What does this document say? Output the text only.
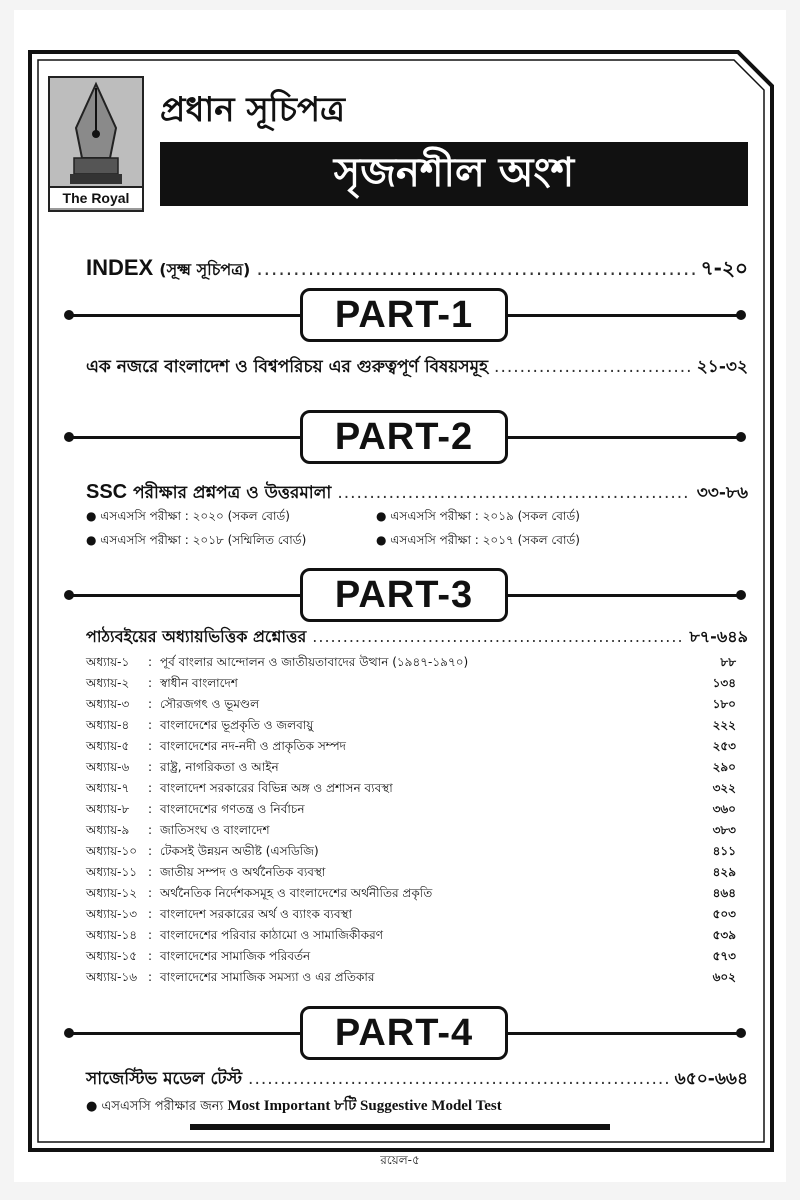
The Royal
প্রধান সূচিপত্র
সৃজনশীল অংশ
INDEX (সূক্ষ্ম সূচিপত্র) .....	৭-২০
PART-1
এক নজরে বাংলাদেশ ও বিশ্বপরিচয় এর গুরুত্বপূর্ণ বিষয়সমূহ .....	২১-৩২
PART-2
SSC পরীক্ষার প্রশ্নপত্র ও উত্তরমালা .....	৩৩-৮৬
● এসএসসি পরীক্ষা : ২০২০ (সকল বোর্ড)	● এসএসসি পরীক্ষা : ২০১৯ (সকল বোর্ড)
● এসএসসি পরীক্ষা : ২০১৮ (সম্মিলিত বোর্ড)	● এসএসসি পরীক্ষা : ২০১৭ (সকল বোর্ড)
PART-3
পাঠ্যবইয়ের অধ্যায়ভিত্তিক প্রশ্নোত্তর .....	৮৭-৬৪৯
অধ্যায়-১	: পূর্ব বাংলার আন্দোলন ও জাতীয়তাবাদের উত্থান (১৯৪৭-১৯৭০)	৮৮
অধ্যায়-২	: স্বাধীন বাংলাদেশ	১৩৪
অধ্যায়-৩	: সৌরজগৎ ও ভূমণ্ডল	১৮০
অধ্যায়-৪	: বাংলাদেশের ভূপ্রকৃতি ও জলবায়ু	২২২
অধ্যায়-৫	: বাংলাদেশের নদ-নদী ও প্রাকৃতিক সম্পদ	২৫৩
অধ্যায়-৬	: রাষ্ট্র, নাগরিকতা ও আইন	২৯০
অধ্যায়-৭	: বাংলাদেশ সরকারের বিভিন্ন অঙ্গ ও প্রশাসন ব্যবস্থা	৩২২
অধ্যায়-৮	: বাংলাদেশের গণতন্ত্র ও নির্বাচন	৩৬০
অধ্যায়-৯	: জাতিসংঘ ও বাংলাদেশ	৩৮৩
অধ্যায়-১০ : টেকসই উন্নয়ন অভীষ্ট (এসডিজি)	৪১১
অধ্যায়-১১ : জাতীয় সম্পদ ও অর্থনৈতিক ব্যবস্থা	৪২৯
অধ্যায়-১২ : অর্থনৈতিক নির্দেশকসমূহ ও বাংলাদেশের অর্থনীতির প্রকৃতি	৪৬৪
অধ্যায়-১৩ : বাংলাদেশ সরকারের অর্থ ও ব্যাংক ব্যবস্থা	৫০৩
অধ্যায়-১৪ : বাংলাদেশের পরিবার কাঠামো ও সামাজিকীকরণ	৫৩৯
অধ্যায়-১৫ : বাংলাদেশের সামাজিক পরিবর্তন	৫৭৩
অধ্যায়-১৬ : বাংলাদেশের সামাজিক সমস্যা ও এর প্রতিকার	৬০২
PART-4
সাজেস্টিভ মডেল টেস্ট .....	৬৫০-৬৬৪
● এসএসসি পরীক্ষার জন্য Most Important ৮টি Suggestive Model Test
রয়েল-৫
